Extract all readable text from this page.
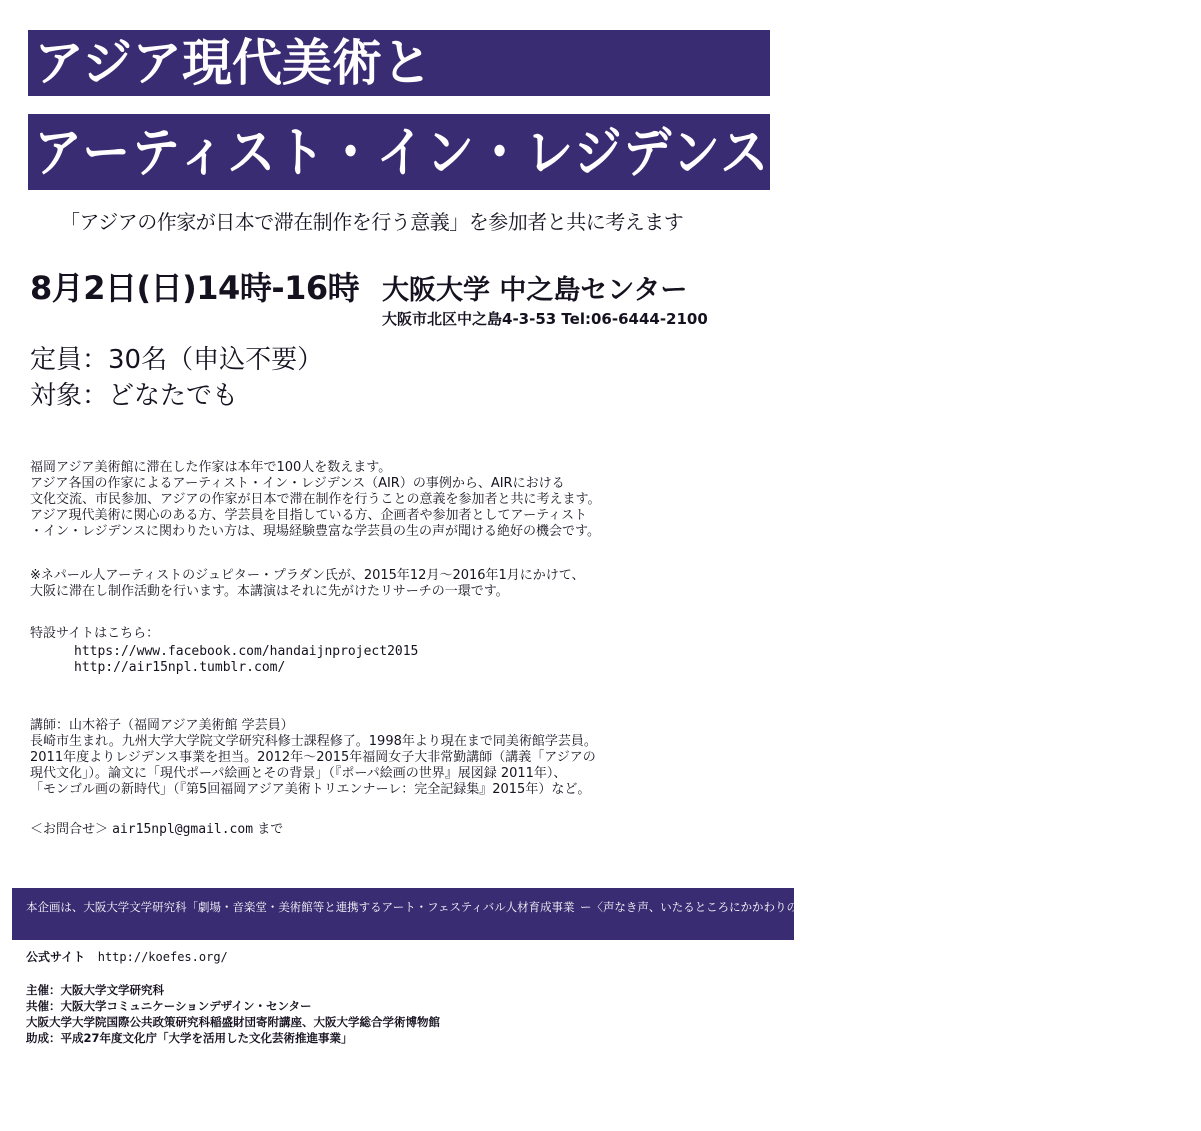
アジア現代美術と
アーティスト・イン・レジデンス
「アジアの作家が日本で滞在制作を行う意義」を参加者と共に考えます
8月2日(日)14時-16時 大阪大学 中之島センター
大阪市北区中之島4-3-53 Tel:06-6444-2100
定員：30名（申込不要）
対象：どなたでも
福岡アジア美術館に滞在した作家は本年で100人を数えます。
アジア各国の作家によるアーティスト・イン・レジデンス（AIR）の事例から、AIRにおける
文化交流、市民参加、アジアの作家が日本で滞在制作を行うことの意義を参加者と共に考えます。
アジア現代美術に関心のある方、学芸員を目指している方、企画者や参加者としてアーティスト
・イン・レジデンスに関わりたい方は、現場経験豊富な学芸員の生の声が聞ける絶好の機会です。
※ネパール人アーティストのジュピター・プラダン氏が、2015年12月～2016年1月にかけて、
大阪に滞在し制作活動を行います。本講演はそれに先がけたリサーチの一環です。
特設サイトはこちら：
https://www.facebook.com/handaijnproject2015
http://air15npl.tumblr.com/
講師：山木裕子（福岡アジア美術館 学芸員）
長崎市生まれ。九州大学大学院文学研究科修士課程修了。1998年より現在まで同美術館学芸員。
2011年度よりレジデンス事業を担当。2012年～2015年福岡女子大非常勤講師（講義「アジアの
現代文化」）。論文に「現代ポーパ絵画とその背景」（『ポーパ絵画の世界』展図録 2011年）、
「モンゴル画の新時代」（『第5回福岡アジア美術トリエンナーレ：完全記録集』2015年）など。
＜お問合せ＞ air15npl@gmail.com まで
本企画は、大阪大学文学研究科「劇場・音楽堂・美術館等と連携するアート・フェスティバル人材育成事業 ー〈声なき声、いたるところにかかわりの声、そして私の声〉芸術祭ー」の受講生が主体となって企画・運営しています
公式サイト http://koefes.org/
主催：大阪大学文学研究科
共催：大阪大学コミュニケーションデザイン・センター
大阪大学大学院国際公共政策研究科稲盛財団寄附講座、大阪大学総合学術博物館
助成：平成27年度文化庁「大学を活用した文化芸術推進事業」
